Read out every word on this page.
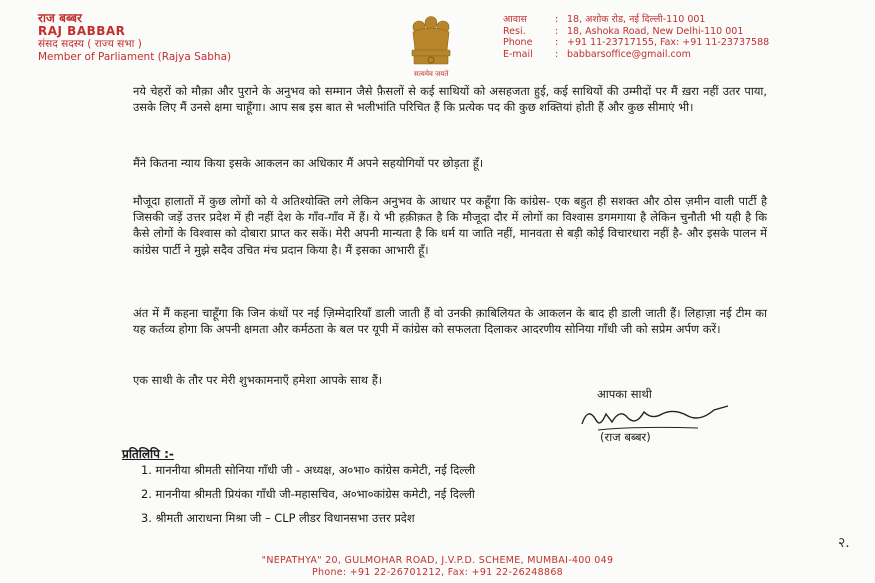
राज बब्बर
RAJ BABBAR
संसद सदस्य ( राज्य सभा )
Member of Parliament (Rajya Sabha)
सत्यमेव जयते
आवास	: 18, अशोक रोड, नई दिल्ली-110 001
Resi.	: 18, Ashoka Road, New Delhi-110 001
Phone	: +91 11-23717155, Fax: +91 11-23737588
E-mail	: babbarsoffice@gmail.com

नये चेहरों को मौक़ा और पुराने के अनुभव को सम्मान जैसे फ़ैसलों से कई साथियों को असहजता हुई, कई साथियों की उम्मीदों पर मैं ख़रा नहीं उतर पाया, उसके लिए मैं उनसे क्षमा चाहूँगा। आप सब इस बात से भलीभांति परिचित हैं कि प्रत्येक पद की कुछ शक्तियां होती हैं और कुछ सीमाएं भी।

मैंने कितना न्याय किया इसके आकलन का अधिकार मैं अपने सहयोगियों पर छोड़ता हूँ।

मौजूदा हालातों में कुछ लोगों को ये अतिश्योक्ति लगे लेकिन अनुभव के आधार पर कहूँगा कि कांग्रेस- एक बहुत ही सशक्त और ठोस ज़मीन वाली पार्टी है जिसकी जड़ें उत्तर प्रदेश में ही नहीं देश के गाँव-गाँव में हैं। ये भी हक़ीक़त है कि मौजूदा दौर में लोगों का विश्वास डगमगाया है लेकिन चुनौती भी यही है कि कैसे लोगों के विश्वास को दोबारा प्राप्त कर सकें। मेरी अपनी मान्यता है कि धर्म या जाति नहीं, मानवता से बड़ी कोई विचारधारा नहीं है- और इसके पालन में कांग्रेस पार्टी ने मुझे सदैव उचित मंच प्रदान किया है। मैं इसका आभारी हूँ।

अंत में मैं कहना चाहूँगा कि जिन कंधों पर नई ज़िम्मेदारियाँ डाली जाती हैं वो उनकी क़ाबिलियत के आकलन के बाद ही डाली जाती हैं। लिहाज़ा नई टीम का यह कर्तव्य होगा कि अपनी क्षमता और कर्मठता के बल पर यूपी में कांग्रेस को सफलता दिलाकर आदरणीय सोनिया गाँधी जी को सप्रेम अर्पण करें।

एक साथी के तौर पर मेरी शुभकामनाएँ हमेशा आपके साथ हैं।

आपका साथी
(राज बब्बर)
प्रतिलिपि :-
1. माननीया श्रीमती सोनिया गाँधी जी - अध्यक्ष, अ०भा० कांग्रेस कमेटी, नई दिल्ली
2. माननीया श्रीमती प्रियंका गाँधी जी-महासचिव, अ०भा०कांग्रेस कमेटी, नई दिल्ली
3. श्रीमती आराधना मिश्रा जी – CLP लीडर विधानसभा उत्तर प्रदेश
२.
"NEPATHYA" 20, GULMOHAR ROAD, J.V.P.D. SCHEME, MUMBAI-400 049
Phone: +91 22-26701212, Fax: +91 22-26248868
